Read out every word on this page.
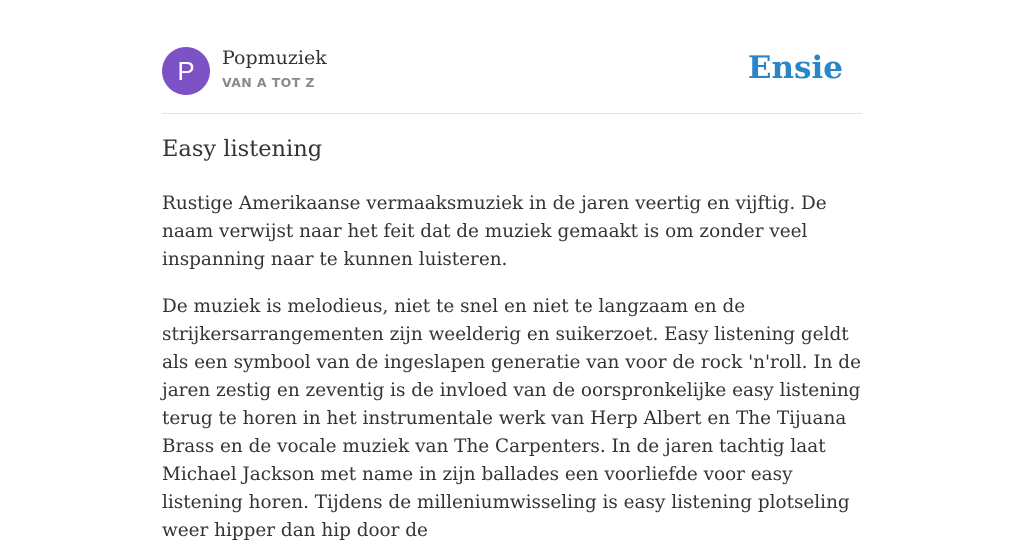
P	Popmuziek
VAN A TOT Z	Ensie
Easy listening

Rustige Amerikaanse vermaaksmuziek in de jaren veertig en vijftig. De naam verwijst naar het feit dat de muziek gemaakt is om zonder veel inspanning naar te kunnen luisteren.

De muziek is melodieus, niet te snel en niet te langzaam en de strijkersarrangementen zijn weelderig en suikerzoet. Easy listening geldt als een symbool van de ingeslapen generatie van voor de rock 'n'roll. In de jaren zestig en zeventig is de invloed van de oorspronkelijke easy listening terug te horen in het instrumentale werk van Herp Albert en The Tijuana Brass en de vocale muziek van The Carpenters. In de jaren tachtig laat Michael Jackson met name in zijn ballades een voorliefde voor easy listening horen. Tijdens de milleniumwisseling is easy listening plotseling weer hipper dan hip door de
